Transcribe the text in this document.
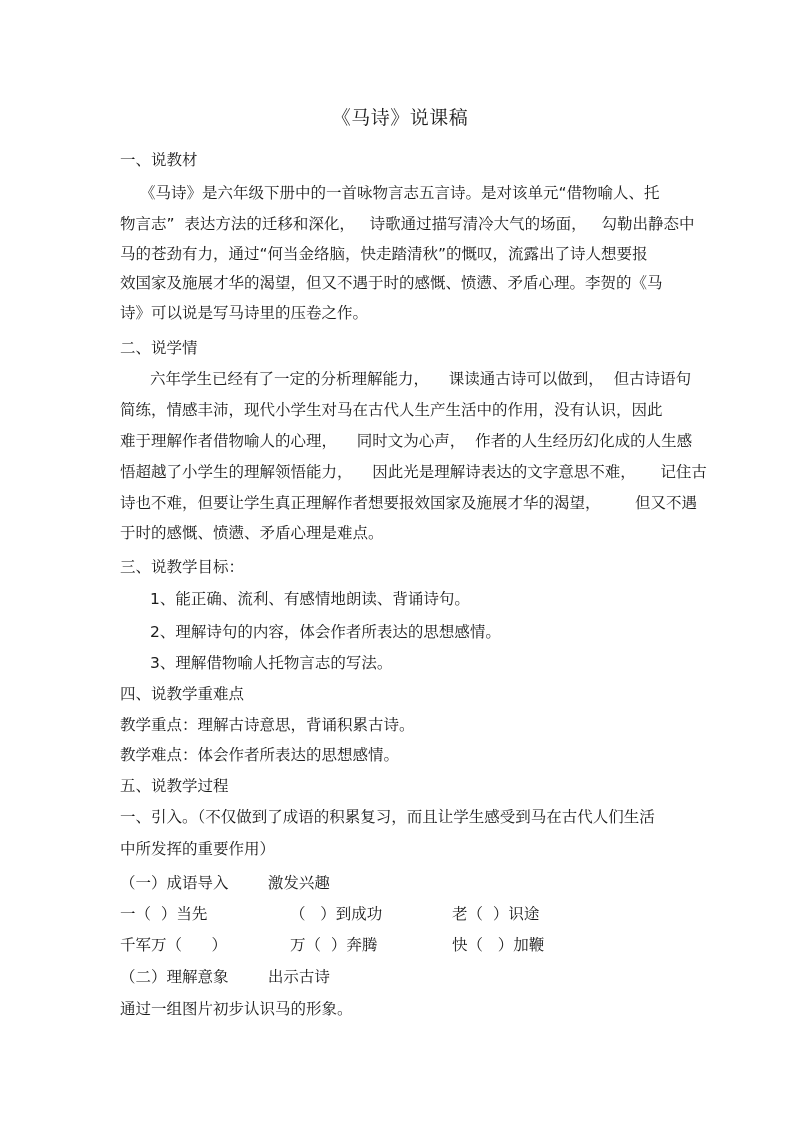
《马诗》说课稿
一、说教材
《马诗》是六年级下册中的一首咏物言志五言诗。是对该单元“借物喻人、托
物言志”  表达方法的迁移和深化，   诗歌通过描写清冷大气的场面，   勾勒出静态中
马的苍劲有力，通过“何当金络脑，快走踏清秋”的慨叹，流露出了诗人想要报
效国家及施展才华的渴望，但又不遇于时的感慨、愤懑、矛盾心理。李贺的《马
诗》可以说是写马诗里的压卷之作。
二、说学情
六年学生已经有了一定的分析理解能力，    课读通古诗可以做到，  但古诗语句
简练，情感丰沛，现代小学生对马在古代人生产生活中的作用，没有认识，因此
难于理解作者借物喻人的心理，    同时文为心声，  作者的人生经历幻化成的人生感
悟超越了小学生的理解领悟能力，    因此光是理解诗表达的文字意思不难，     记住古
诗也不难，但要让学生真正理解作者想要报效国家及施展才华的渴望，       但又不遇
于时的感慨、愤懑、矛盾心理是难点。
三、说教学目标：
1、能正确、流利、有感情地朗读、背诵诗句。
2、理解诗句的内容，体会作者所表达的思想感情。
3、理解借物喻人托物言志的写法。
四、说教学重难点
教学重点：理解古诗意思，背诵积累古诗。
教学难点：体会作者所表达的思想感情。
五、说教学过程
一、引入。（不仅做到了成语的积累复习，而且让学生感受到马在古代人们生活
中所发挥的重要作用）
（一）成语导入        激发兴趣
一（  ）当先	（   ）到成功	老（  ）识途
千军万（      ）	万（  ）奔腾	快（   ）加鞭
（二）理解意象        出示古诗
通过一组图片初步认识马的形象。
